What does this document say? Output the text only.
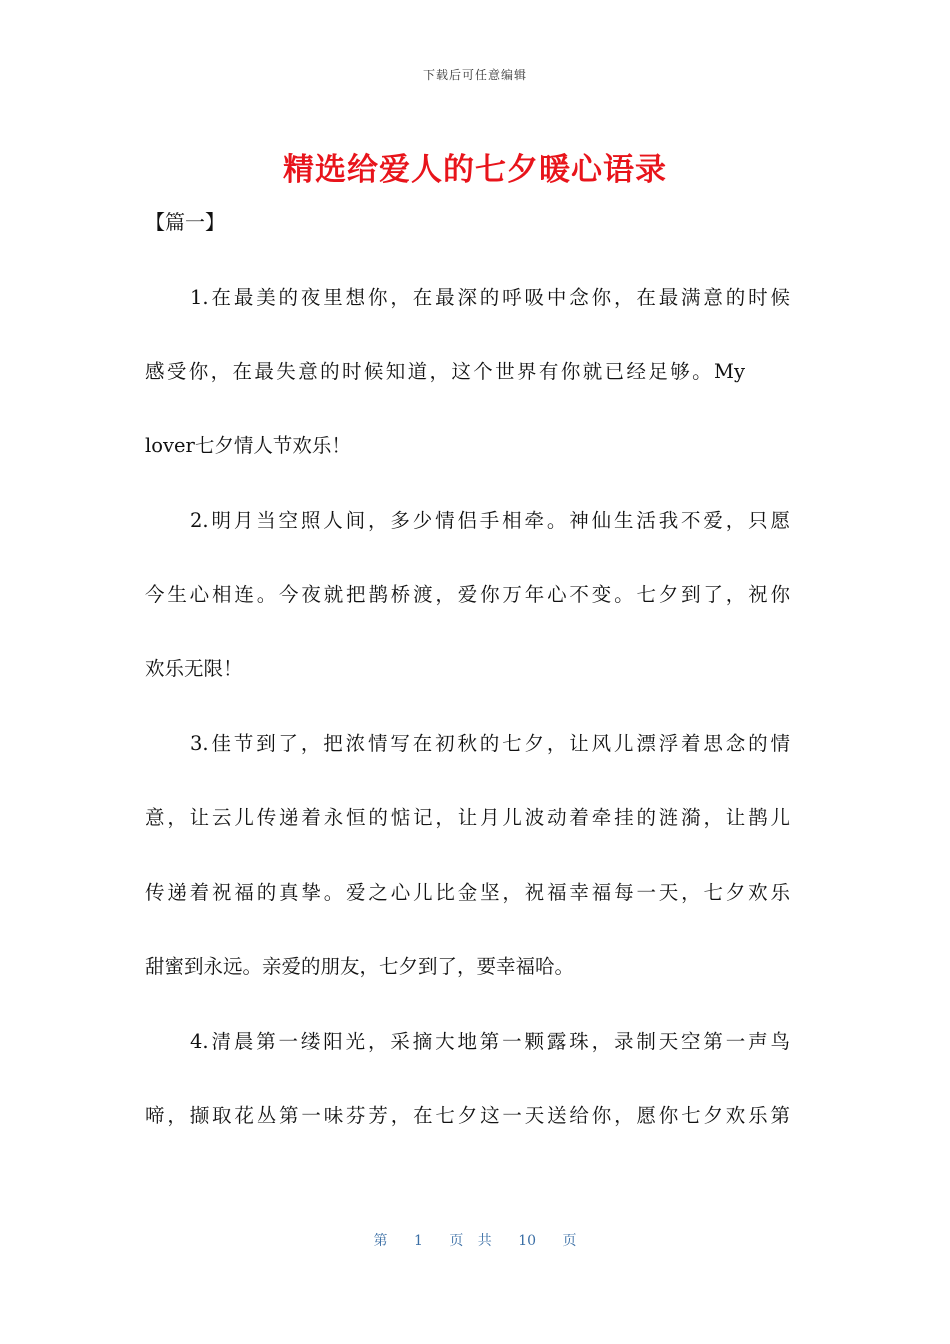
下载后可任意编辑
精选给爱人的七夕暖心语录
【篇一】
1.在最美的夜里想你，在最深的呼吸中念你，在最满意的时候
感受你，在最失意的时候知道，这个世界有你就已经足够。My
lover七夕情人节欢乐！
2.明月当空照人间，多少情侣手相牵。神仙生活我不爱，只愿
今生心相连。今夜就把鹊桥渡，爱你万年心不变。七夕到了，祝你
欢乐无限！
3.佳节到了，把浓情写在初秋的七夕，让风儿漂浮着思念的情
意，让云儿传递着永恒的惦记，让月儿波动着牵挂的涟漪，让鹊儿
传递着祝福的真挚。爱之心儿比金坚，祝福幸福每一天，七夕欢乐
甜蜜到永远。亲爱的朋友，七夕到了，要幸福哈。
4.清晨第一缕阳光，采摘大地第一颗露珠，录制天空第一声鸟
啼，撷取花丛第一味芬芳，在七夕这一天送给你，愿你七夕欢乐第
第 1 页 共 10 页
